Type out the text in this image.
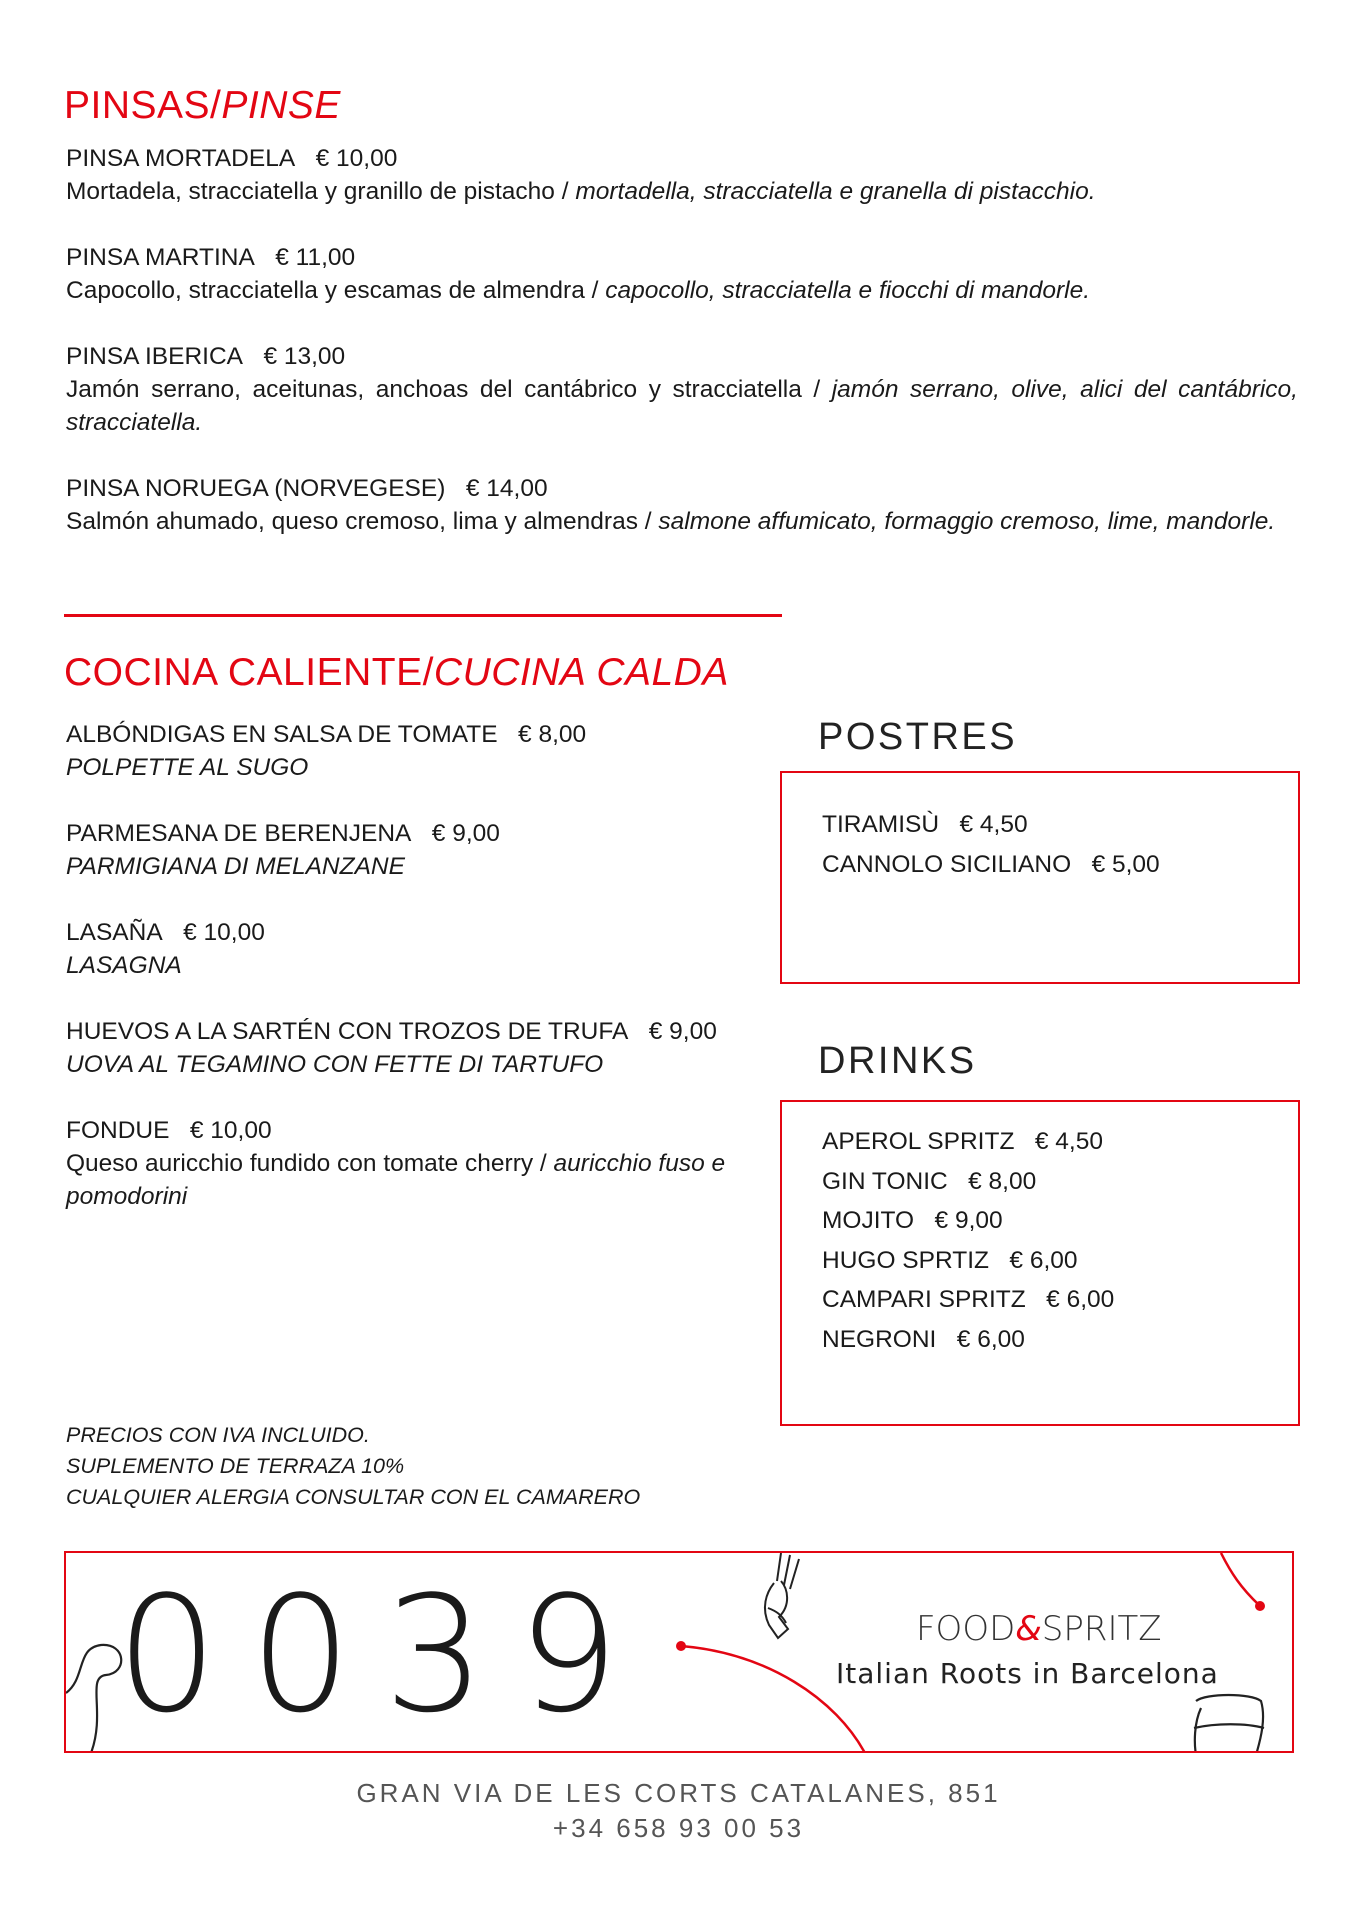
PINSAS/PINSE
PINSA MORTADELA € 10,00
Mortadela, stracciatella y granillo de pistacho / mortadella, stracciatella e granella di pistacchio.
PINSA MARTINA € 11,00
Capocollo, stracciatella y escamas de almendra / capocollo, stracciatella e fiocchi di mandorle.
PINSA IBERICA € 13,00
Jamón serrano, aceitunas, anchoas del cantábrico y stracciatella / jamón serrano, olive, alici del cantábrico, stracciatella.
PINSA NORUEGA (NORVEGESE) € 14,00
Salmón ahumado, queso cremoso, lima y almendras / salmone affumicato, formaggio cremoso, lime, mandorle.
COCINA CALIENTE/CUCINA CALDA
ALBÓNDIGAS EN SALSA DE TOMATE € 8,00
POLPETTE AL SUGO
PARMESANA DE BERENJENA € 9,00
PARMIGIANA DI MELANZANE
LASAÑA € 10,00
LASAGNA
HUEVOS A LA SARTÉN CON TROZOS DE TRUFA € 9,00
UOVA AL TEGAMINO CON FETTE DI TARTUFO
FONDUE € 10,00
Queso auricchio fundido con tomate cherry / auricchio fuso e pomodorini
POSTRES
TIRAMISÙ € 4,50
CANNOLO SICILIANO € 5,00
DRINKS
APEROL SPRITZ € 4,50
GIN TONIC € 8,00
MOJITO € 9,00
HUGO SPRTIZ € 6,00
CAMPARI SPRITZ € 6,00
NEGRONI € 6,00
PRECIOS CON IVA INCLUIDO.
SUPLEMENTO DE TERRAZA 10%
CUALQUIER ALERGIA CONSULTAR CON EL CAMARERO
0039	FOOD&SPRITZ
Italian Roots in Barcelona
GRAN VIA DE LES CORTS CATALANES, 851
+34 658 93 00 53
